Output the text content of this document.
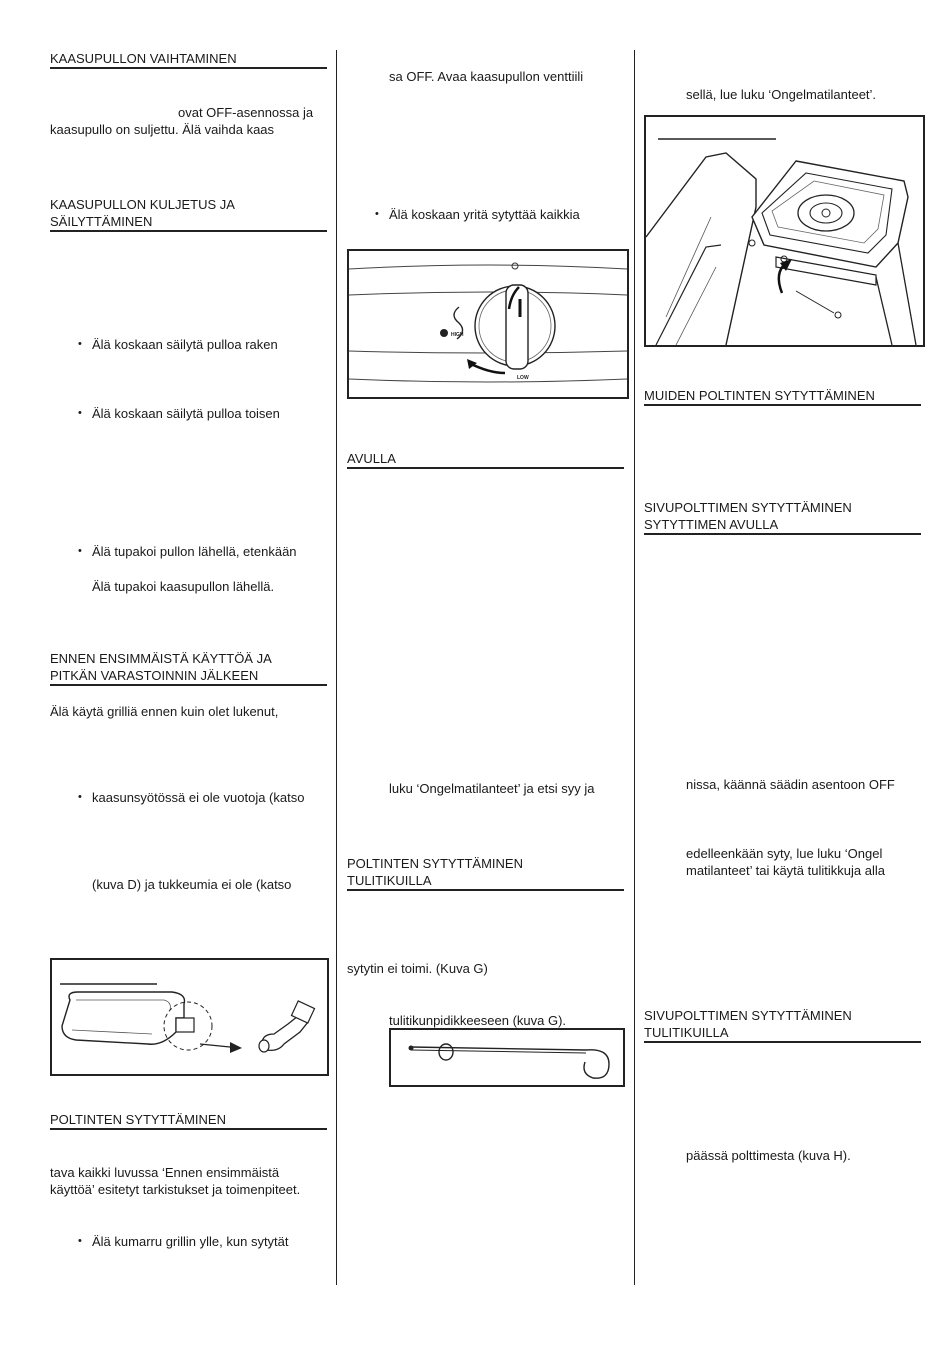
KAASUPULLON VAIHTAMINEN
ovat OFF-asennossa ja
kaasupullo on suljettu. Älä vaihda kaas
KAASUPULLON KULJETUS JA
SÄILYTTÄMINEN
• Älä koskaan säilytä pulloa raken
• Älä koskaan säilytä pulloa toisen
• Älä tupakoi pullon lähellä, etenkään
Älä tupakoi kaasupullon lähellä.
ENNEN ENSIMMÄISTÄ KÄYTTÖÄ JA
PITKÄN VARASTOINNIN JÄLKEEN
Älä käytä grilliä ennen kuin olet lukenut,
• kaasunsyötössä ei ole vuotoja (katso
(kuva D) ja tukkeumia ei ole (katso
POLTINTEN SYTYTTÄMINEN
tava kaikki luvussa ‘Ennen ensimmäistä
käyttöä’ esitetyt tarkistukset ja toimenpiteet.
• Älä kumarru grillin ylle, kun sytytät
sa OFF. Avaa kaasupullon venttiili
• Älä koskaan yritä sytyttää kaikkia
HIGH
LOW
AVULLA
luku ‘Ongelmatilanteet’ ja etsi syy ja
POLTINTEN SYTYTTÄMINEN
TULITIKUILLA
sytytin ei toimi. (Kuva G)
tulitikunpidikkeeseen (kuva G).
sellä, lue luku ‘Ongelmatilanteet’.
MUIDEN POLTINTEN SYTYTTÄMINEN
SIVUPOLTTIMEN SYTYTTÄMINEN
SYTYTTIMEN AVULLA
nissa, käännä säädin asentoon OFF
edelleenkään syty, lue luku ‘Ongel
matilanteet’ tai käytä tulitikkuja alla
SIVUPOLTTIMEN SYTYTTÄMINEN
TULITIKUILLA
päässä polttimesta (kuva H).
